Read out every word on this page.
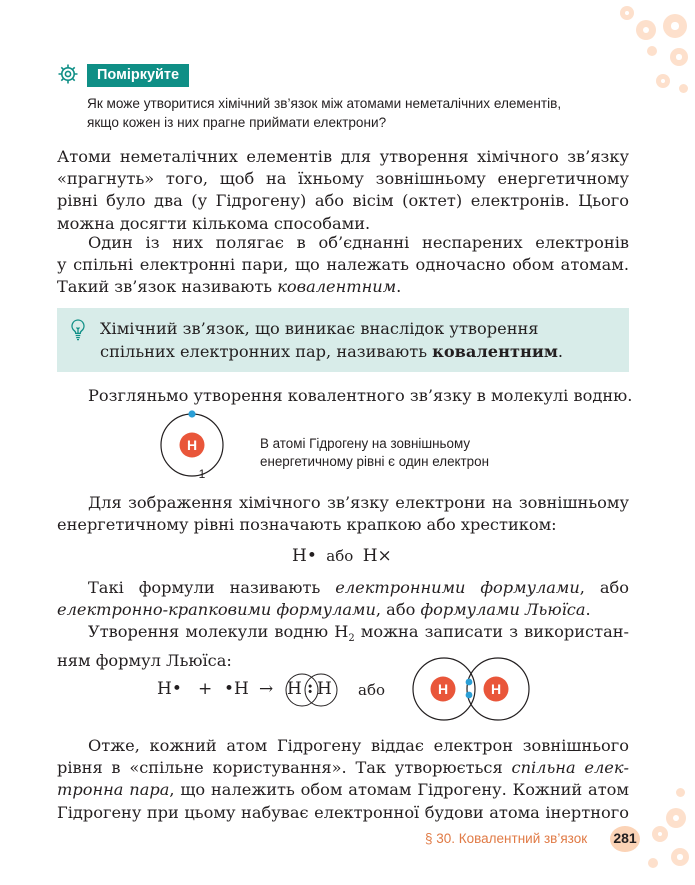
Поміркуйте
Як може утворитися хімічний зв’язок між атомами неметалічних елементів,
якщо кожен із них прагне приймати електрони?
Атоми неметалічних елементів для утворення хімічного зв’язку
«прагнуть» того, щоб на їхньому зовнішньому енергетичному
рівні було два (у Гідрогену) або вісім (октет) електронів. Цього
можна досягти кількома способами.
Один із них полягає в об’єднанні неспарених електронів
у спільні електронні пари, що належать одночасно обом атомам.
Такий зв’язок називають ковалентним.
Хімічний зв’язок, що виникає внаслідок утворення
спільних електронних пар, називають ковалентним.
Розгляньмо утворення ковалентного зв’язку в молекулі водню.
H
1
В атомі Гідрогену на зовнішньому
енергетичному рівні є один електрон
Для зображення хімічного зв’язку електрони на зовнішньому
енергетичному рівні позначають крапкою або хрестиком:
H• або H×
Такі формули називають електронними формулами, або
електронно-крапковими формулами, або формулами Льюїса.
Утворення молекули водню $H_2$ можна записати з використан-
ням формул Льюїса:
H• + •H → H : H або	H	H
Отже, кожний атом Гідрогену віддає електрон зовнішнього
рівня в «спільне користування». Так утворюється спільна елек-
тронна пара, що належить обом атомам Гідрогену. Кожний атом
Гідрогену при цьому набуває електронної будови атома інертного
§ 30. Ковалентний зв’язок 281
